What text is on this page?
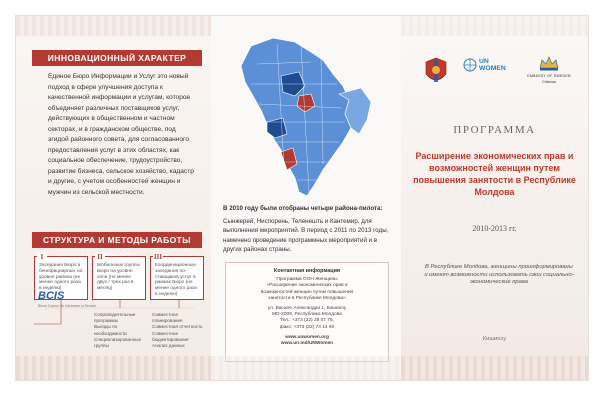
ИННОВАЦИОННЫЙ ХАРАКТЕР
Единое Бюро Информации и Услуг это новый подход в сфере улучшения доступа к качественной информации и услугам, которое объединяет различных поставщиков услуг, действующих в общественном и частном секторах, и в гражданском обществе, под эгидой районного совета, для согласованного предоставления услуг в этих областях, как социальное обеспечение, трудоустройство, развитие бизнеса, сельское хозяйство, кадастр и другие, с учетом особенностей женщин и мужчин из сельской местности.
СТРУКТУРА И МЕТОДЫ РАБОТЫ
I
Заседания Бюро в бенефициарных на уровне района (не менее одного раза в неделю)
II
Мобильные группы Бюро на уровне села (не менее двух / трех раз в месяц)
III
Координационные заседания по-ставщиков услуг в рамках Бюро (не менее одного раза в неделю)
Сопроводительные
программы
Выезды по
необходимости
Специализированные
группы
Совместное
планирование
Совместная отчетность
Совместное
бюджетирование
Анализ данных
BCIS
Biroul Comun de Informare și Servicii
В 2010 году были отобраны четыре района-пилота:
Сынжерей, Ниспорень, Теленешть и Кантемир, для выполнения мероприятий. В период с 2011 по 2013 годы, намечено проведение программных мероприятий и в других районах страны.
Контактная информация
Программа ООН Женщины
«Расширение экономических прав и
возможностей женщин путем повышения
занятости в Республике Молдова»
ул. Василе Александри 1, Кишинэу
MD-2009, Республика Молдова
Тел.: +373 (22) 28 07 75,
факс: +373 (22) 74 14 90
www.unwomen.org
www.un.md/UNWomen
UN WOMEN
EMBASSY OF SWEDEN
Chisinau
ПРОГРАММА
Расширение экономических прав и возможностей женщин путем повышения занятости в Республике Молдова
2010-2013 гг.
В Республике Молдова, женщины проинформированы и имеют возможности использовать свои социально-экономические права
Кишинэу
